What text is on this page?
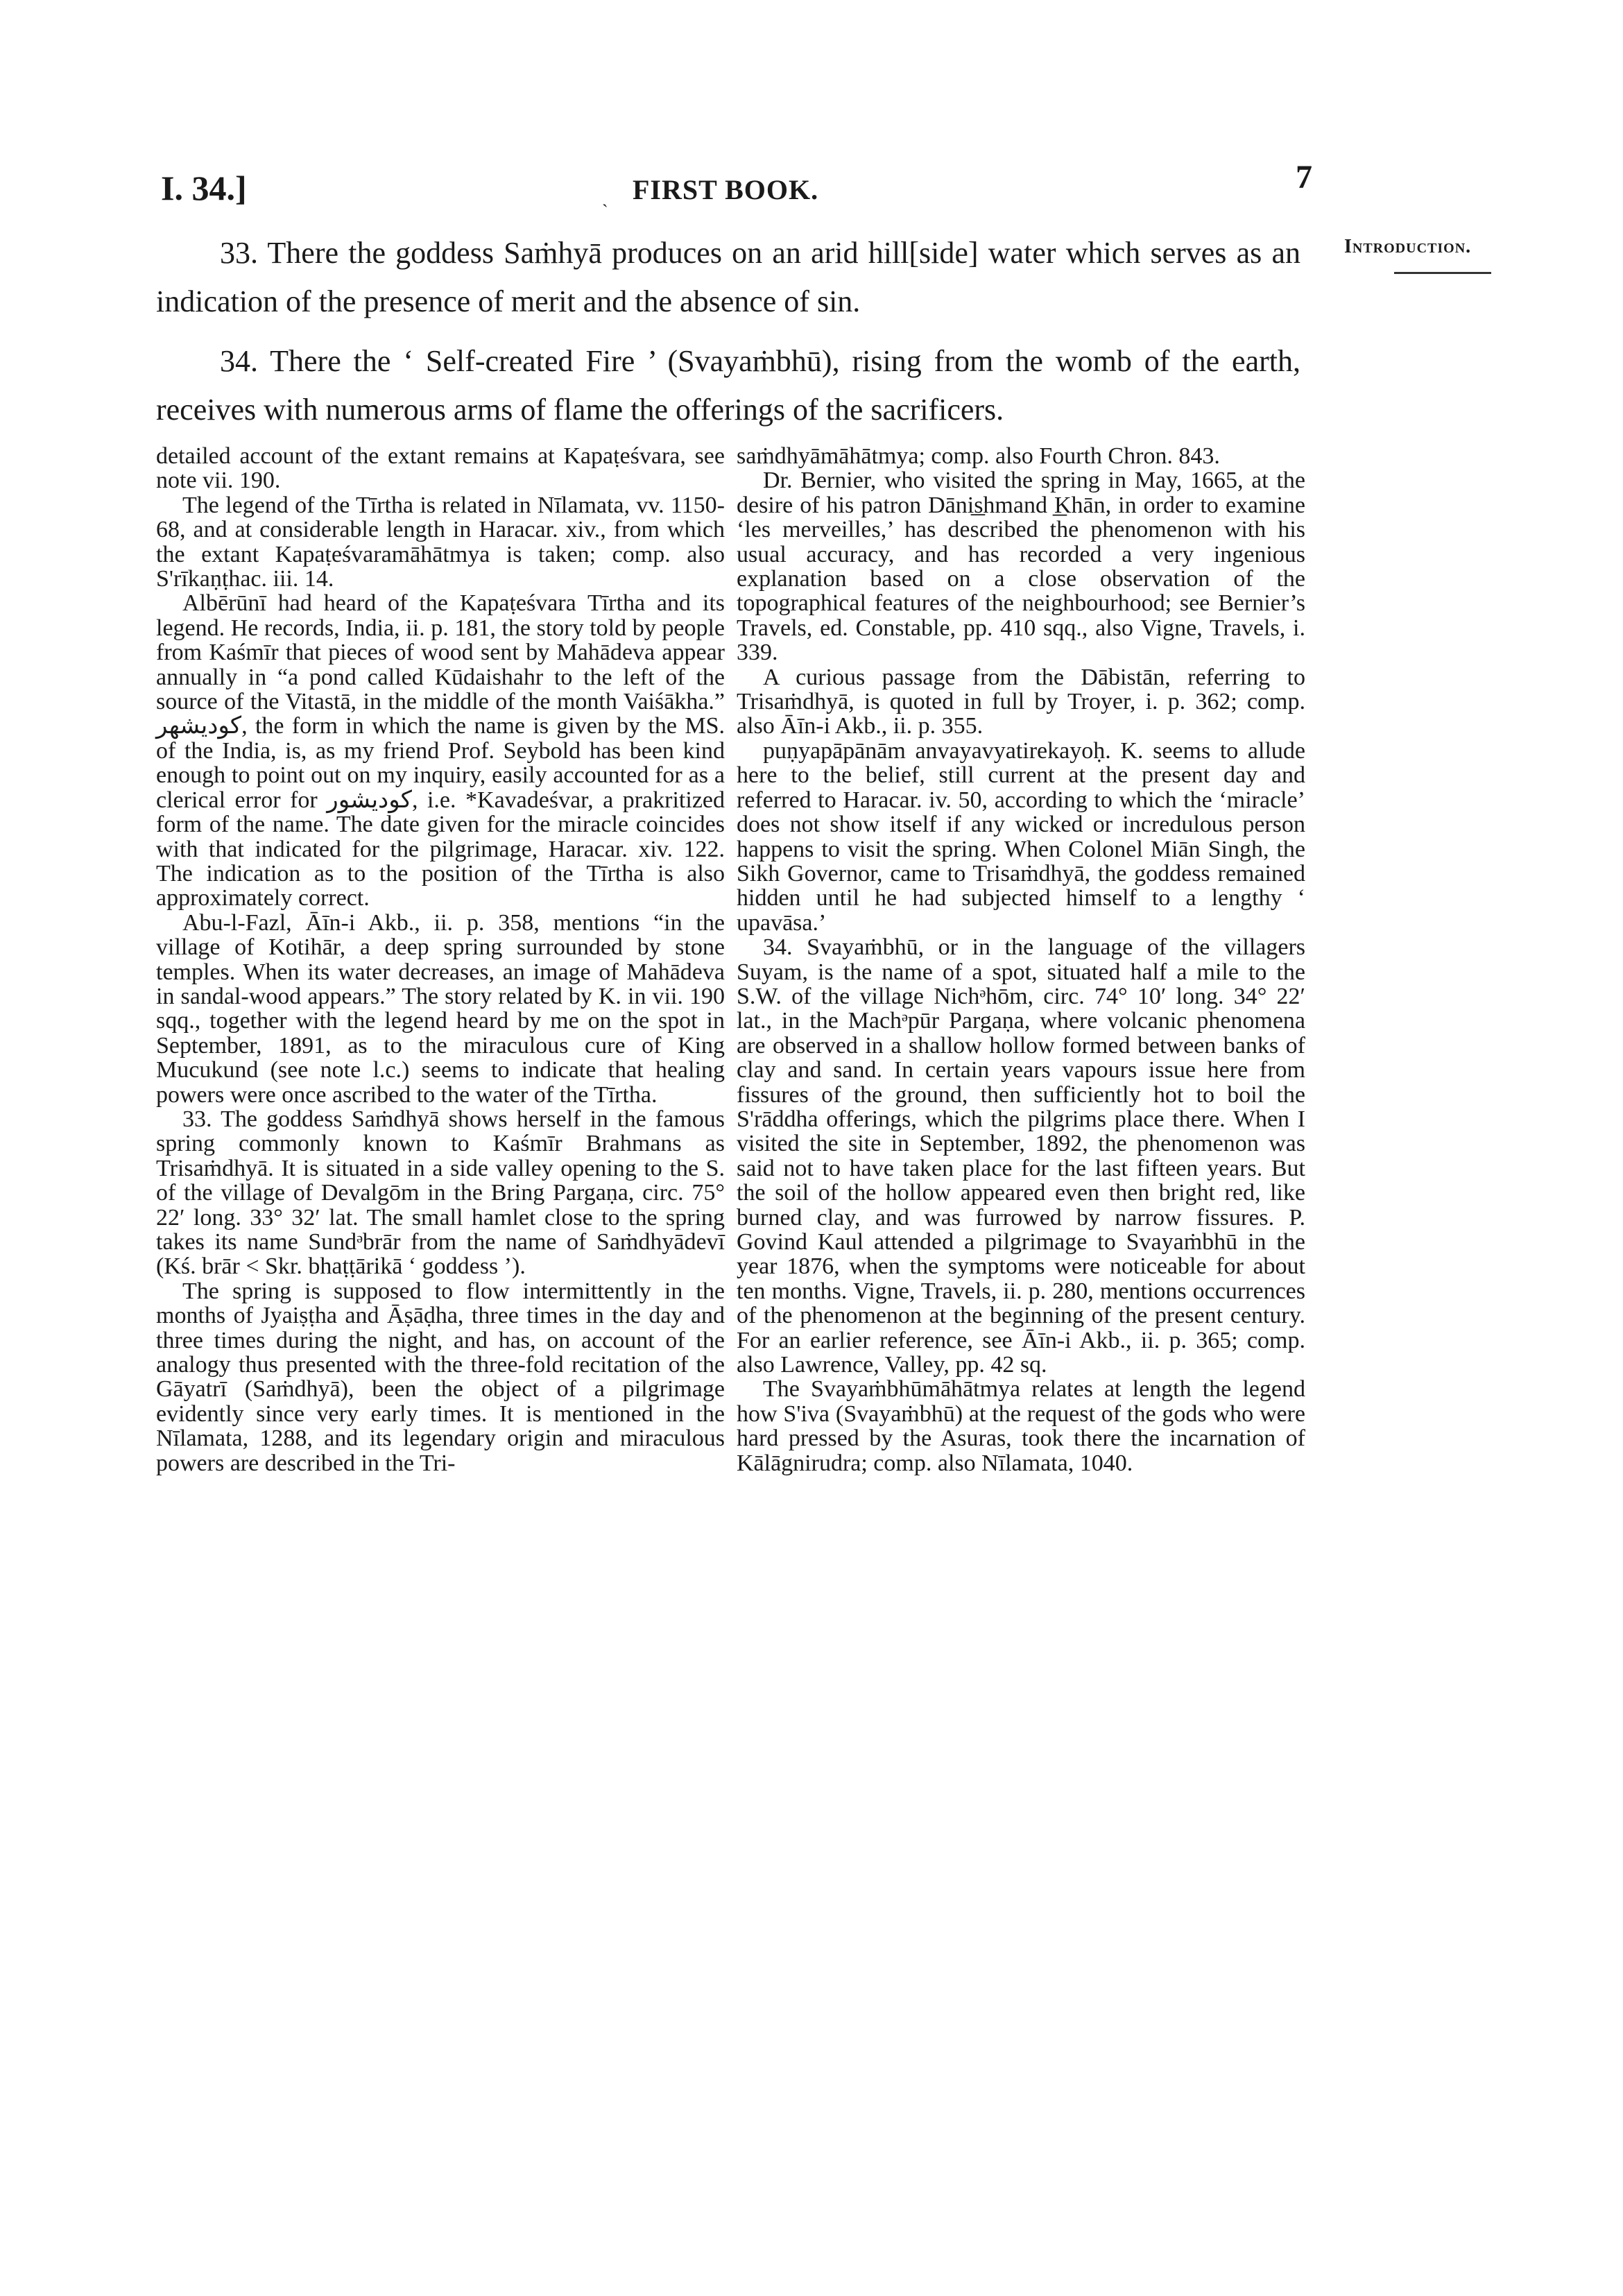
I. 34.]	FIRST BOOK.	7
`
Introduction.

33. There the goddess Saṁhyā produces on an arid hill[side] water which serves as an indication of the presence of merit and the absence of sin.

34. There the ‘ Self-created Fire ’ (Svayaṁbhū), rising from the womb of the earth, receives with numerous arms of flame the offerings of the sacrificers.

detailed account of the extant remains at Kapaṭeśvara, see note vii. 190.

The legend of the Tīrtha is related in Nīlamata, vv. 1150-68, and at considerable length in Haracar. xiv., from which the extant Kapaṭeśvaramāhātmya is taken; comp. also S'rīkaṇṭhac. iii. 14.

Albērūnī had heard of the Kapaṭeśvara Tīrtha and its legend. He records, India, ii. p. 181, the story told by people from Kaśmīr that pieces of wood sent by Mahādeva appear annually in “a pond called Kūdaishahr to the left of the source of the Vitastā, in the middle of the month Vaiśākha.” كوديشهر, the form in which the name is given by the MS. of the India, is, as my friend Prof. Seybold has been kind enough to point out on my inquiry, easily accounted for as a clerical error for كوديشور, i.e. *Kavadeśvar, a prakritized form of the name. The date given for the miracle coincides with that indicated for the pilgrimage, Haracar. xiv. 122. The indication as to the position of the Tīrtha is also approximately correct.

Abu-l-Fazl, Āīn-i Akb., ii. p. 358, mentions “in the village of Kotihār, a deep spring surrounded by stone temples. When its water decreases, an image of Mahādeva in sandal-wood appears.” The story related by K. in vii. 190 sqq., together with the legend heard by me on the spot in September, 1891, as to the miraculous cure of King Mucukund (see note l.c.) seems to indicate that healing powers were once ascribed to the water of the Tīrtha.

33. The goddess Saṁdhyā shows herself in the famous spring commonly known to Kaśmīr Brahmans as Trisaṁdhyā. It is situated in a side valley opening to the S. of the village of Devalgōm in the Bring Pargaṇa, circ. 75° 22′ long. 33° 32′ lat. The small hamlet close to the spring takes its name Sundᵊbrār from the name of Saṁdhyādevī (Kś. brār < Skr. bhaṭṭārikā ‘ goddess ’).

The spring is supposed to flow intermittently in the months of Jyaiṣṭha and Āṣāḍha, three times in the day and three times during the night, and has, on account of the analogy thus presented with the three-fold recitation of the Gāyatrī (Saṁdhyā), been the object of a pilgrimage evidently since very early times. It is mentioned in the Nīlamata, 1288, and its legendary origin and miraculous powers are described in the Tri-

saṁdhyāmāhātmya; comp. also Fourth Chron. 843.

Dr. Bernier, who visited the spring in May, 1665, at the desire of his patron Dāni͟shmand ͟Khān, in order to examine ‘les merveilles,’ has described the phenomenon with his usual accuracy, and has recorded a very ingenious explanation based on a close observation of the topographical features of the neighbourhood; see Bernier’s Travels, ed. Constable, pp. 410 sqq., also Vigne, Travels, i. 339.

A curious passage from the Dābistān, referring to Trisaṁdhyā, is quoted in full by Troyer, i. p. 362; comp. also Āīn-i Akb., ii. p. 355.

puṇyapāpānām anvayavyatirekayoḥ. K. seems to allude here to the belief, still current at the present day and referred to Haracar. iv. 50, according to which the ‘miracle’ does not show itself if any wicked or incredulous person happens to visit the spring. When Colonel Miān Singh, the Sikh Governor, came to Trisaṁdhyā, the goddess remained hidden until he had subjected himself to a lengthy ‘ upavāsa.’

34. Svayaṁbhū, or in the language of the villagers Suyam, is the name of a spot, situated half a mile to the S.W. of the village Nichᵊhōm, circ. 74° 10′ long. 34° 22′ lat., in the Machᵊpūr Pargaṇa, where volcanic phenomena are observed in a shallow hollow formed between banks of clay and sand. In certain years vapours issue here from fissures of the ground, then sufficiently hot to boil the S'rāddha offerings, which the pilgrims place there. When I visited the site in September, 1892, the phenomenon was said not to have taken place for the last fifteen years. But the soil of the hollow appeared even then bright red, like burned clay, and was furrowed by narrow fissures. P. Govind Kaul attended a pilgrimage to Svayaṁbhū in the year 1876, when the symptoms were noticeable for about ten months. Vigne, Travels, ii. p. 280, mentions occurrences of the phenomenon at the beginning of the present century. For an earlier reference, see Āīn-i Akb., ii. p. 365; comp. also Lawrence, Valley, pp. 42 sq.

The Svayaṁbhūmāhātmya relates at length the legend how S'iva (Svayaṁbhū) at the request of the gods who were hard pressed by the Asuras, took there the incarnation of Kālāgnirudra; comp. also Nīlamata, 1040.
